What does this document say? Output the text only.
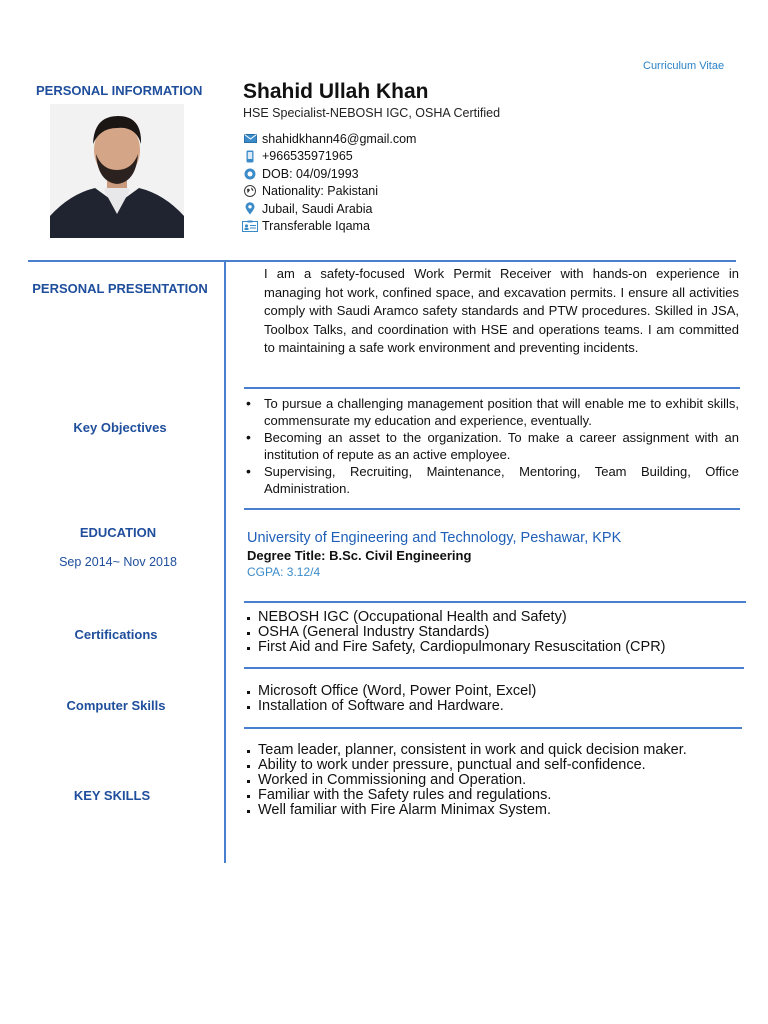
Curriculum Vitae
PERSONAL INFORMATION Shahid Ullah Khan
HSE Specialist-NEBOSH IGC, OSHA Certified
shahidkhann46@gmail.com
+966535971965
DOB: 04/09/1993
Nationality: Pakistani
Jubail, Saudi Arabia
Transferable Iqama
PERSONAL PRESENTATION
I am a safety-focused Work Permit Receiver with hands-on experience in managing hot work, confined space, and excavation permits. I ensure all activities comply with Saudi Aramco safety standards and PTW procedures. Skilled in JSA, Toolbox Talks, and coordination with HSE and operations teams. I am committed to maintaining a safe work environment and preventing incidents.
Key Objectives
• To pursue a challenging management position that will enable me to exhibit skills, commensurate my education and experience, eventually.
• Becoming an asset to the organization. To make a career assignment with an institution of repute as an active employee.
• Supervising, Recruiting, Maintenance, Mentoring, Team Building, Office Administration.
EDUCATION
Sep 2014~ Nov 2018
University of Engineering and Technology, Peshawar, KPK
Degree Title: B.Sc. Civil Engineering
CGPA: 3.12/4
Certifications
NEBOSH IGC (Occupational Health and Safety)
OSHA (General Industry Standards)
First Aid and Fire Safety, Cardiopulmonary Resuscitation (CPR)
Computer Skills
Microsoft Office (Word, Power Point, Excel)
Installation of Software and Hardware.
KEY SKILLS
Team leader, planner, consistent in work and quick decision maker.
Ability to work under pressure, punctual and self-confidence.
Worked in Commissioning and Operation.
Familiar with the Safety rules and regulations.
Well familiar with Fire Alarm Minimax System.
